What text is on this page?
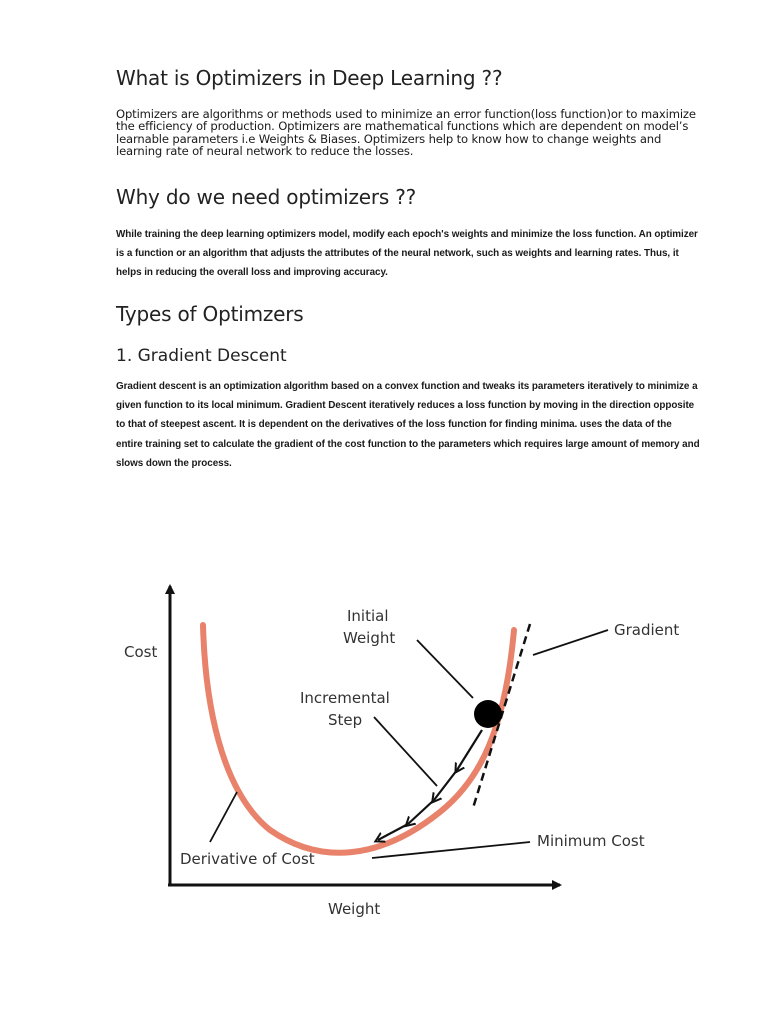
What is Optimizers in Deep Learning ??

Optimizers are algorithms or methods used to minimize an error function(loss function)or to maximize the efficiency of production. Optimizers are mathematical functions which are dependent on model’s learnable parameters i.e Weights & Biases. Optimizers help to know how to change weights and learning rate of neural network to reduce the losses.

Why do we need optimizers ??

While training the deep learning optimizers model, modify each epoch's weights and minimize the loss function. An optimizer is a function or an algorithm that adjusts the attributes of the neural network, such as weights and learning rates. Thus, it helps in reducing the overall loss and improving accuracy.

Types of Optimzers
1. Gradient Descent

Gradient descent is an optimization algorithm based on a convex function and tweaks its parameters iteratively to minimize a given function to its local minimum. Gradient Descent iteratively reduces a loss function by moving in the direction opposite to that of steepest ascent. It is dependent on the derivatives of the loss function for finding minima. uses the data of the entire training set to calculate the gradient of the cost function to the parameters which requires large amount of memory and slows down the process.

Cost
Weight
Initial
Weight	Gradient
Incremental
Step
Minimum Cost
Derivative of Cost
